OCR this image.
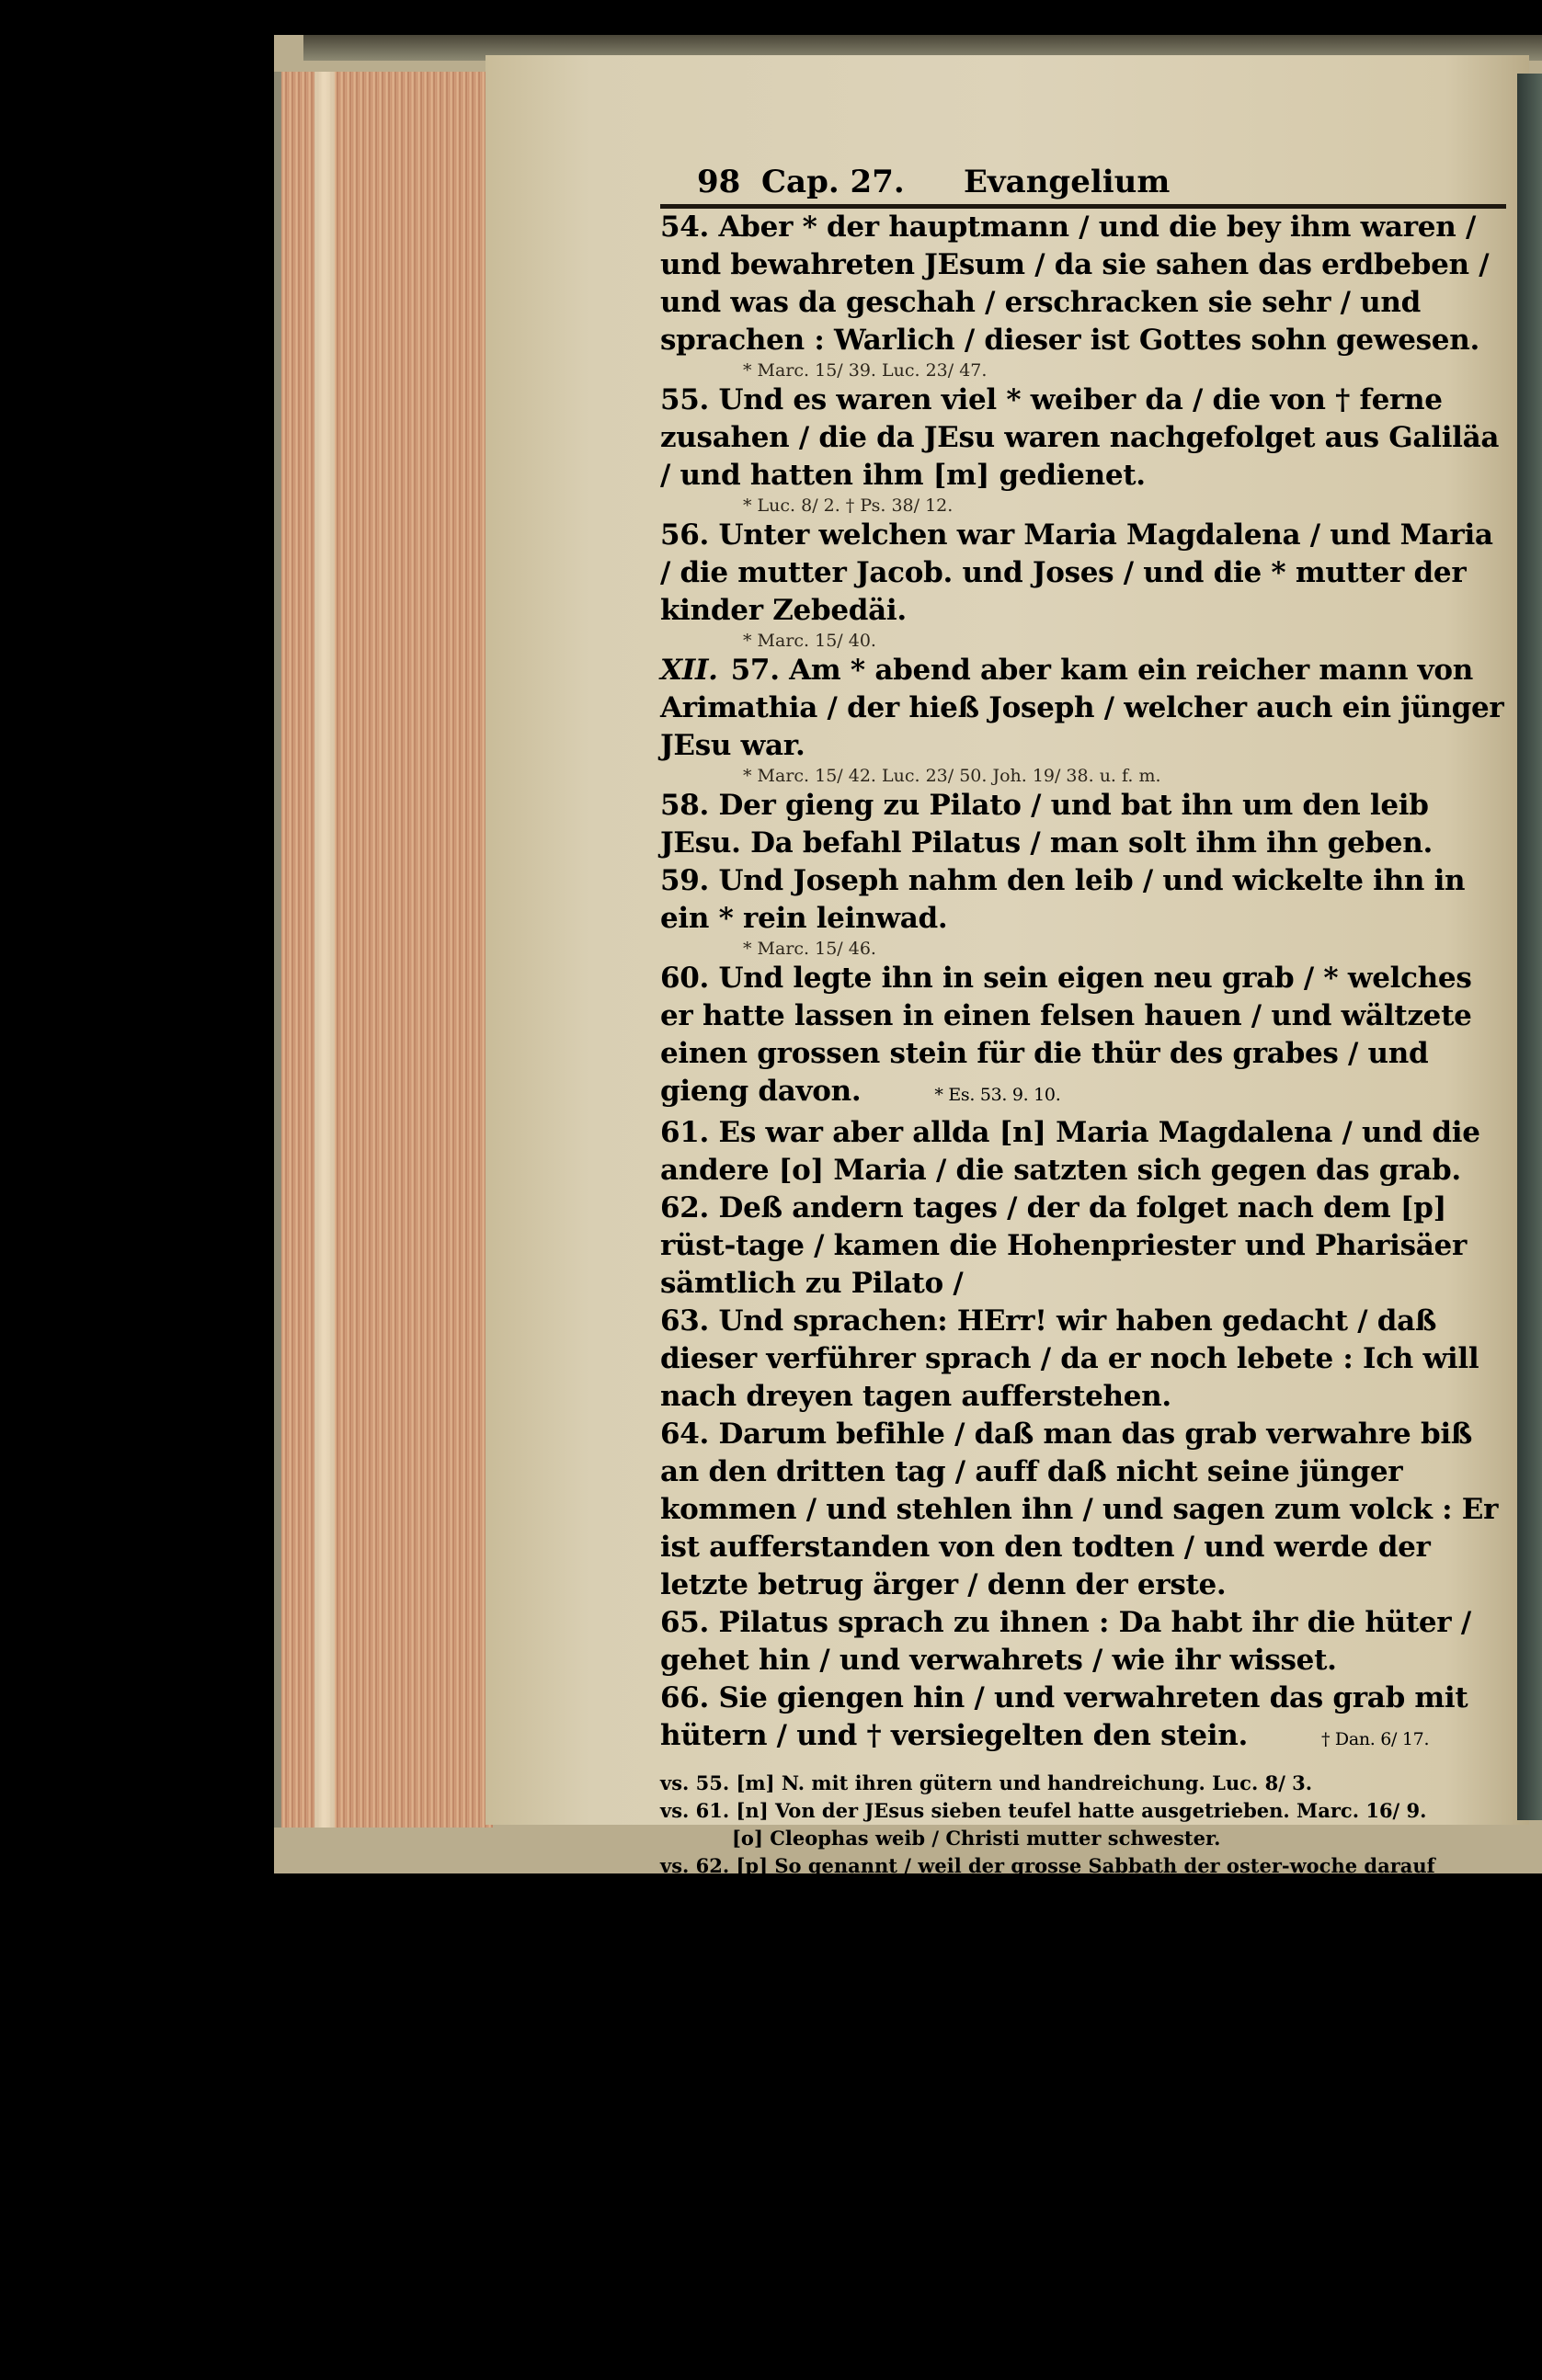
98 Cap. 27.	Evangelium

54. Aber * der hauptmann / und die bey ihm waren / und bewahreten JEsum / da sie sahen das erdbeben / und was da geschah / erschracken sie sehr / und sprachen : Warlich / dieser ist Gottes sohn gewesen.

* Marc. 15/ 39. Luc. 23/ 47.

55. Und es waren viel * weiber da / die von † ferne zusahen / die da JEsu waren nachgefolget aus Galiläa / und hatten ihm [m] gedienet.

* Luc. 8/ 2. † Ps. 38/ 12.

56. Unter welchen war Maria Magdalena / und Maria / die mutter Jacob. und Joses / und die * mutter der kinder Zebedäi.

* Marc. 15/ 40.

XII. 57. Am * abend aber kam ein reicher mann von Arimathia / der hieß Joseph / welcher auch ein jünger JEsu war.

* Marc. 15/ 42. Luc. 23/ 50. Joh. 19/ 38. u. f. m.

58. Der gieng zu Pilato / und bat ihn um den leib JEsu. Da befahl Pilatus / man solt ihm ihn geben.

59. Und Joseph nahm den leib / und wickelte ihn in ein * rein leinwad.

* Marc. 15/ 46.

60. Und legte ihn in sein eigen neu grab / * welches er hatte lassen in einen felsen hauen / und wältzete einen grossen stein für die thür des grabes / und gieng davon.	* Es. 53. 9. 10.

61. Es war aber allda [n] Maria Magdalena / und die andere [o] Maria / die satzten sich gegen das grab.

62. Deß andern tages / der da folget nach dem [p] rüst-tage / kamen die Hohenpriester und Pharisäer sämtlich zu Pilato /

63. Und sprachen: HErr! wir haben gedacht / daß dieser verführer sprach / da er noch lebete : Ich will nach dreyen tagen aufferstehen.

64. Darum befihle / daß man das grab verwahre biß an den dritten tag / auff daß nicht seine jünger kommen / und stehlen ihn / und sagen zum volck : Er ist aufferstanden von den todten / und werde der letzte betrug ärger / denn der erste.

65. Pilatus sprach zu ihnen : Da habt ihr die hüter / gehet hin / und verwahrets / wie ihr wisset.

66. Sie giengen hin / und verwahreten das grab mit hütern / und † versiegelten den stein.	† Dan. 6/ 17.

vs. 55. [m] N. mit ihren gütern und handreichung. Luc. 8/ 3.

vs. 61. [n] Von der JEsus sieben teufel hatte ausgetrieben. Marc. 16/ 9.

[o] Cleophas weib / Christi mutter schwester.

vs. 62. [p] So genannt / weil der grosse Sabbath der oster-woche darauf folgete.

Nutzanwendung.

(1) W. v. 1. Welch' eine frechheit ! blinde sollen über das liecht / heyden über Christum / lügner über seine warheit / gottlose über sein leben richten ? (2) W. v. 3. Wahre busse erstattet alles gestohlene und unrecht gewonnene wider ; ausser diesem ist keine vergebung der sünde. L. v. 6. Verdammte heuchler ! die mit grossen und groben sünden spihlen / in den kleinesten sorgfalt zum schein beweisen. Wie viel sind deren / welche ihre hände waschen / da ihr hertz voller un-

flath
